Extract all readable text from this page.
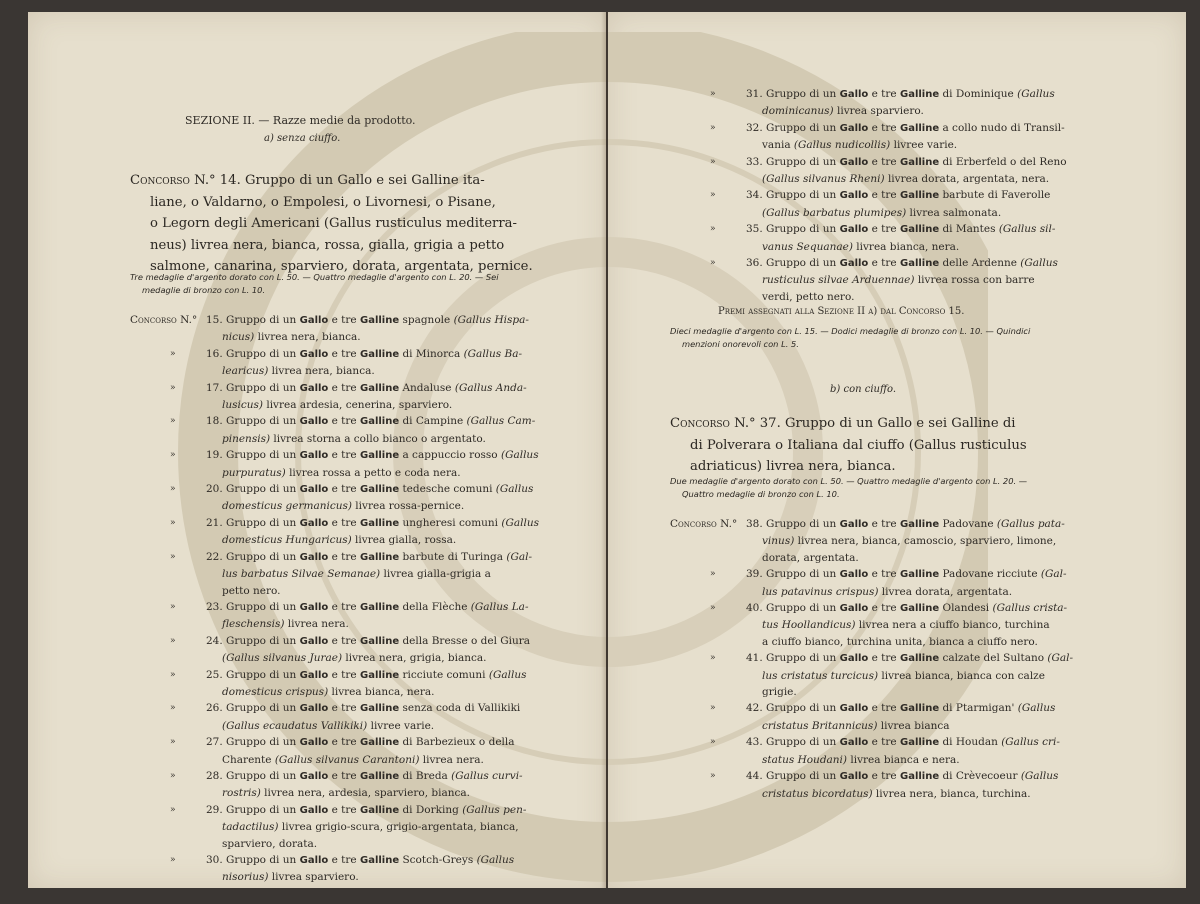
SEZIONE II. — Razze medie da prodotto.
a) senza ciuffo.
Concorso N.° 14. Gruppo di un Gallo e sei Galline ita-
liane, o Valdarno, o Empolesi, o Livornesi, o Pisane,
o Legorn degli Americani (Gallus rusticulus mediterra-
neus) livrea nera, bianca, rossa, gialla, grigia a petto
salmone, canarina, sparviero, dorata, argentata, pernice.
Tre medaglie d'argento dorato con L. 50. — Quattro medaglie d'argento con L. 20. — Sei
medaglie di bronzo con L. 10.
Concorso N.° 15. Gruppo di un Gallo e tre Galline spagnole (Gallus Hispa-
nicus) livrea nera, bianca.
»	16. Gruppo di un Gallo e tre Galline di Minorca (Gallus Ba-
learicus) livrea nera, bianca.
»	17. Gruppo di un Gallo e tre Galline Andaluse (Gallus Anda-
lusicus) livrea ardesia, cenerina, sparviero.
»	18. Gruppo di un Gallo e tre Galline di Campine (Gallus Cam-
pinensis) livrea storna a collo bianco o argentato.
»	19. Gruppo di un Gallo e tre Galline a cappuccio rosso (Gallus
purpuratus) livrea rossa a petto e coda nera.
»	20. Gruppo di un Gallo e tre Galline tedesche comuni (Gallus
domesticus germanicus) livrea rossa-pernice.
»	21. Gruppo di un Gallo e tre Galline ungheresi comuni (Gallus
domesticus Hungaricus) livrea gialla, rossa.
»	22. Gruppo di un Gallo e tre Galline barbute di Turinga (Gal-
lus barbatus Silvae Semanae) livrea gialla-grigia a
petto nero.
»	23. Gruppo di un Gallo e tre Galline della Flèche (Gallus La-
fleschensis) livrea nera.
»	24. Gruppo di un Gallo e tre Galline della Bresse o del Giura
(Gallus silvanus Jurae) livrea nera, grigia, bianca.
»	25. Gruppo di un Gallo e tre Galline ricciute comuni (Gallus
domesticus crispus) livrea bianca, nera.
»	26. Gruppo di un Gallo e tre Galline senza coda di Vallikiki
(Gallus ecaudatus Vallikiki) livree varie.
»	27. Gruppo di un Gallo e tre Galline di Barbezieux o della
Charente (Gallus silvanus Carantoni) livrea nera.
»	28. Gruppo di un Gallo e tre Galline di Breda (Gallus curvi-
rostris) livrea nera, ardesia, sparviero, bianca.
»	29. Gruppo di un Gallo e tre Galline di Dorking (Gallus pen-
tadactilus) livrea grigio-scura, grigio-argentata, bianca,
sparviero, dorata.
»	30. Gruppo di un Gallo e tre Galline Scotch-Greys (Gallus
nisorius) livrea sparviero.
»	31. Gruppo di un Gallo e tre Galline di Dominique (Gallus
dominicanus) livrea sparviero.
»	32. Gruppo di un Gallo e tre Galline a collo nudo di Transil-
vania (Gallus nudicollis) livree varie.
»	33. Gruppo di un Gallo e tre Galline di Erberfeld o del Reno
(Gallus silvanus Rheni) livrea dorata, argentata, nera.
»	34. Gruppo di un Gallo e tre Galline barbute di Faverolle
(Gallus barbatus plumipes) livrea salmonata.
»	35. Gruppo di un Gallo e tre Galline di Mantes (Gallus sil-
vanus Sequanae) livrea bianca, nera.
»	36. Gruppo di un Gallo e tre Galline delle Ardenne (Gallus
rusticulus silvae Arduennae) livrea rossa con barre
verdi, petto nero.
Premi assegnati alla Sezione II a) dal Concorso 15.
Dieci medaglie d'argento con L. 15. — Dodici medaglie di bronzo con L. 10. — Quindici
menzioni onorevoli con L. 5.
b) con ciuffo.
Concorso N.° 37. Gruppo di un Gallo e sei Galline di
di Polverara o Italiana dal ciuffo (Gallus rusticulus
adriaticus) livrea nera, bianca.
Due medaglie d'argento dorato con L. 50. — Quattro medaglie d'argento con L. 20. —
Quattro medaglie di bronzo con L. 10.
Concorso N.° 38. Gruppo di un Gallo e tre Galline Padovane (Gallus pata-
vinus) livrea nera, bianca, camoscio, sparviero, limone,
dorata, argentata.
»	39. Gruppo di un Gallo e tre Galline Padovane ricciute (Gal-
lus patavinus crispus) livrea dorata, argentata.
»	40. Gruppo di un Gallo e tre Galline Olandesi (Gallus crista-
tus Hoollandicus) livrea nera a ciuffo bianco, turchina
a ciuffo bianco, turchina unita, bianca a ciuffo nero.
»	41. Gruppo di un Gallo e tre Galline calzate del Sultano (Gal-
lus cristatus turcicus) livrea bianca, bianca con calze
grigie.
»	42. Gruppo di un Gallo e tre Galline di Ptarmigan' (Gallus
cristatus Britannicus) livrea bianca
»	43. Gruppo di un Gallo e tre Galline di Houdan (Gallus cri-
status Houdani) livrea bianca e nera.
»	44. Gruppo di un Gallo e tre Galline di Crèvecoeur (Gallus
cristatus bicordatus) livrea nera, bianca, turchina.
